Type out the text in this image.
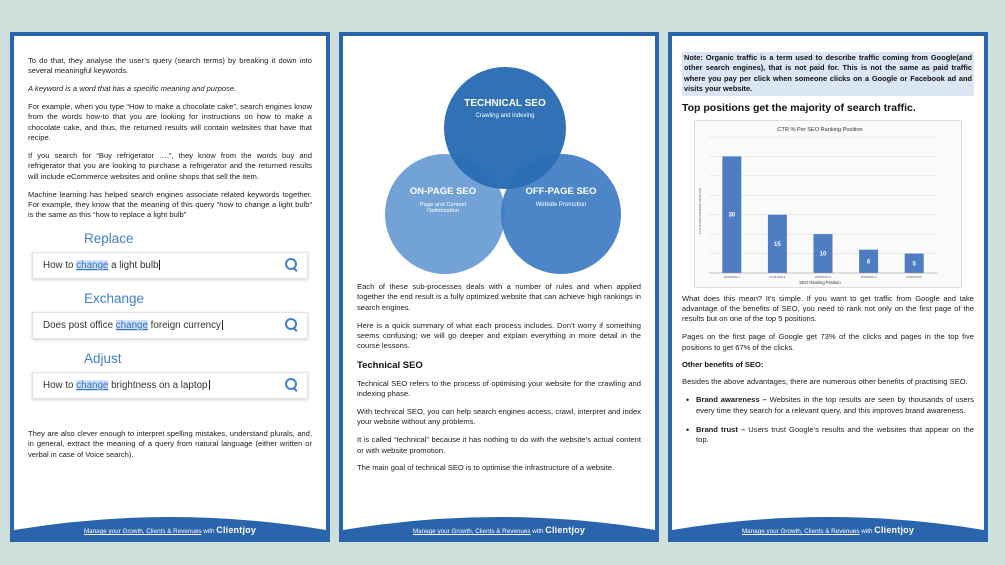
To do that, they analyse the user’s query (search terms) by breaking it down into several meaningful keywords.

A keyword is a word that has a specific meaning and purpose.

For example, when you type “How to make a chocolate cake”, search engines know from the words how-to that you are looking for instructions on how to make a chocolate cake, and thus, the returned results will contain websites that have that recipe.

If you search for “Buy refrigerator ….”, they know from the words buy and refrigerator that you are looking to purchase a refrigerator and the returned results will include eCommerce websites and online shops that sell the item.

Machine learning has helped search engines associate related keywords together. For example, they know that the meaning of this query “how to change a light bulb” is the same as this “how to replace a light bulb”

Replace
How to change a light bulb
Exchange
Does post office change foreign currency
Adjust
How to change brightness on a laptop

They are also clever enough to interpret spelling mistakes, understand plurals, and, in general, extract the meaning of a query from natural language (either written or verbal in case of Voice search).

Manage your Growth, Clients & Revenues with Clientjoy
TECHNICAL SEO
Crawling and indexing
ON-PAGE SEO
Page and Context
Optimization
OFF-PAGE SEO
Website Promotion

Each of these sub-processes deals with a number of rules and when applied together the end result is a fully optimized website that can achieve high rankings in search engines.

Here is a quick summary of what each process includes. Don’t worry if something seems confusing; we will go deeper and explain everything in more detail in the course lessons.

Technical SEO

Technical SEO refers to the process of optimising your website for the crawling and indexing phase.

With technical SEO, you can help search engines access, crawl, interpret and index your website without any problems.

It is called “technical” because it has nothing to do with the website’s actual content or with website promotion.

The main goal of technical SEO is to optimise the infrastructure of a website.

Manage your Growth, Clients & Revenues with Clientjoy
Note: Organic traffic is a term used to describe traffic coming from Google(and other search engines), that is not paid for. This is not the same as paid traffic where you pay per click when someone clicks on a Google or Facebook ad and visits your website.
Top positions get the majority of search traffic.
CTR % Per SEO Ranking Position
CTR % PER RANKING POSITION
SEO Ranking Position
30
POSITION 1
15
POSITION 2
10
POSITION 3
6
POSITION 4
5
POSITION 5

What does this mean? It’s simple. If you want to get traffic from Google and take advantage of the benefits of SEO, you need to rank not only on the first page of the results but on one of the top 5 positions.

Pages on the first page of Google get 73% of the clicks and pages in the top five positions to get 67% of the clicks.

Other benefits of SEO:

Besides the above advantages, there are numerous other benefits of practising SEO.

• Brand awareness – Websites in the top results are seen by thousands of users every time they search for a relevant query, and this improves brand awareness.
• Brand trust – Users trust Google’s results and the websites that appear on the top.
Manage your Growth, Clients & Revenues with Clientjoy
